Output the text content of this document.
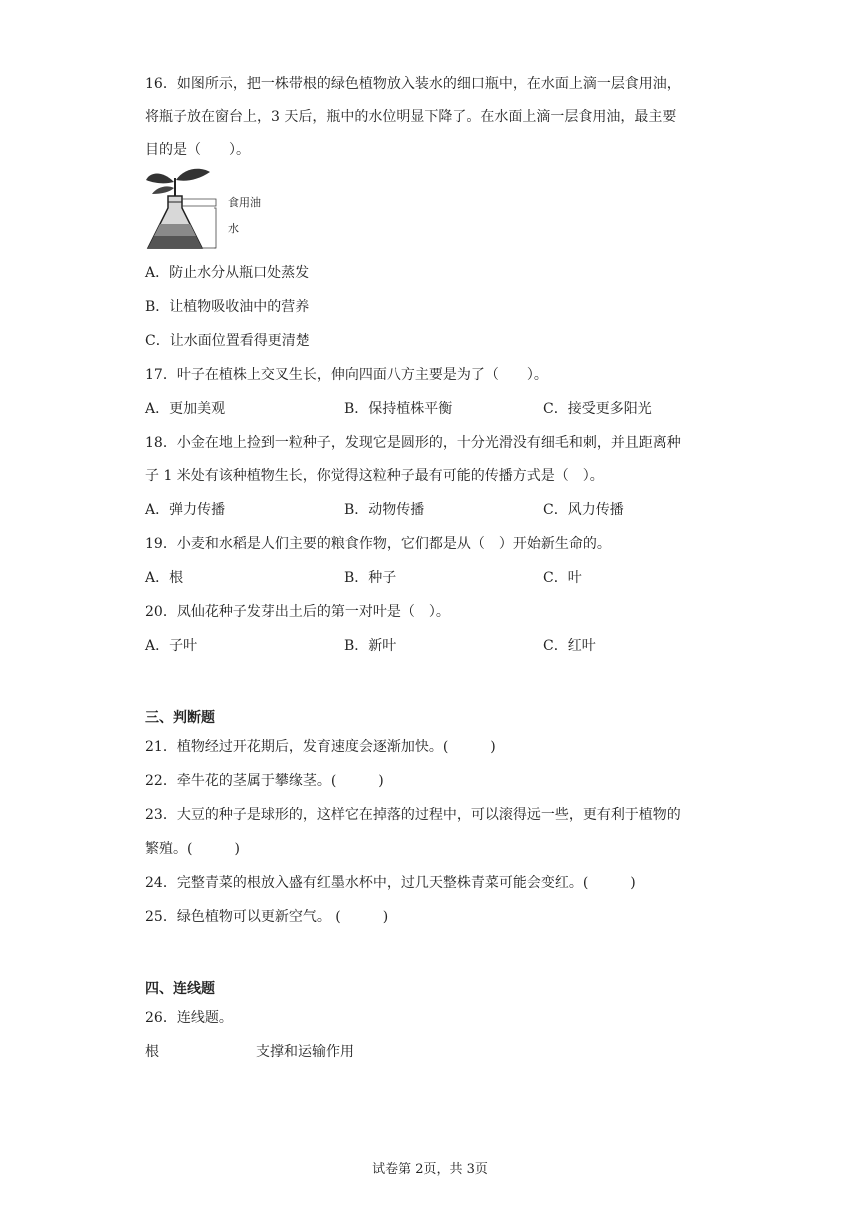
16．如图所示，把一株带根的绿色植物放入装水的细口瓶中，在水面上滴一层食用油，
将瓶子放在窗台上，3 天后，瓶中的水位明显下降了。在水面上滴一层食用油，最主要
目的是（　　）。
食用油
水
A．防止水分从瓶口处蒸发
B．让植物吸收油中的营养
C．让水面位置看得更清楚
17．叶子在植株上交叉生长，伸向四面八方主要是为了（　　）。
A．更加美观	B．保持植株平衡	C．接受更多阳光
18．小金在地上捡到一粒种子，发现它是圆形的，十分光滑没有细毛和刺，并且距离种
子 1 米处有该种植物生长，你觉得这粒种子最有可能的传播方式是（　）。
A．弹力传播	B．动物传播	C．风力传播
19．小麦和水稻是人们主要的粮食作物，它们都是从（　）开始新生命的。
A．根	B．种子	C．叶
20．凤仙花种子发芽出土后的第一对叶是（　）。
A．子叶	B．新叶	C．红叶
三、判断题
21．植物经过开花期后，发育速度会逐渐加快。(　　　)
22．牵牛花的茎属于攀缘茎。(　　　)
23．大豆的种子是球形的，这样它在掉落的过程中，可以滚得远一些，更有利于植物的
繁殖。(　　　)
24．完整青菜的根放入盛有红墨水杯中，过几天整株青菜可能会变红。(　　　)
25．绿色植物可以更新空气。 (　　　)
四、连线题
26．连线题。
根	支撑和运输作用
试卷第 2页，共 3页
